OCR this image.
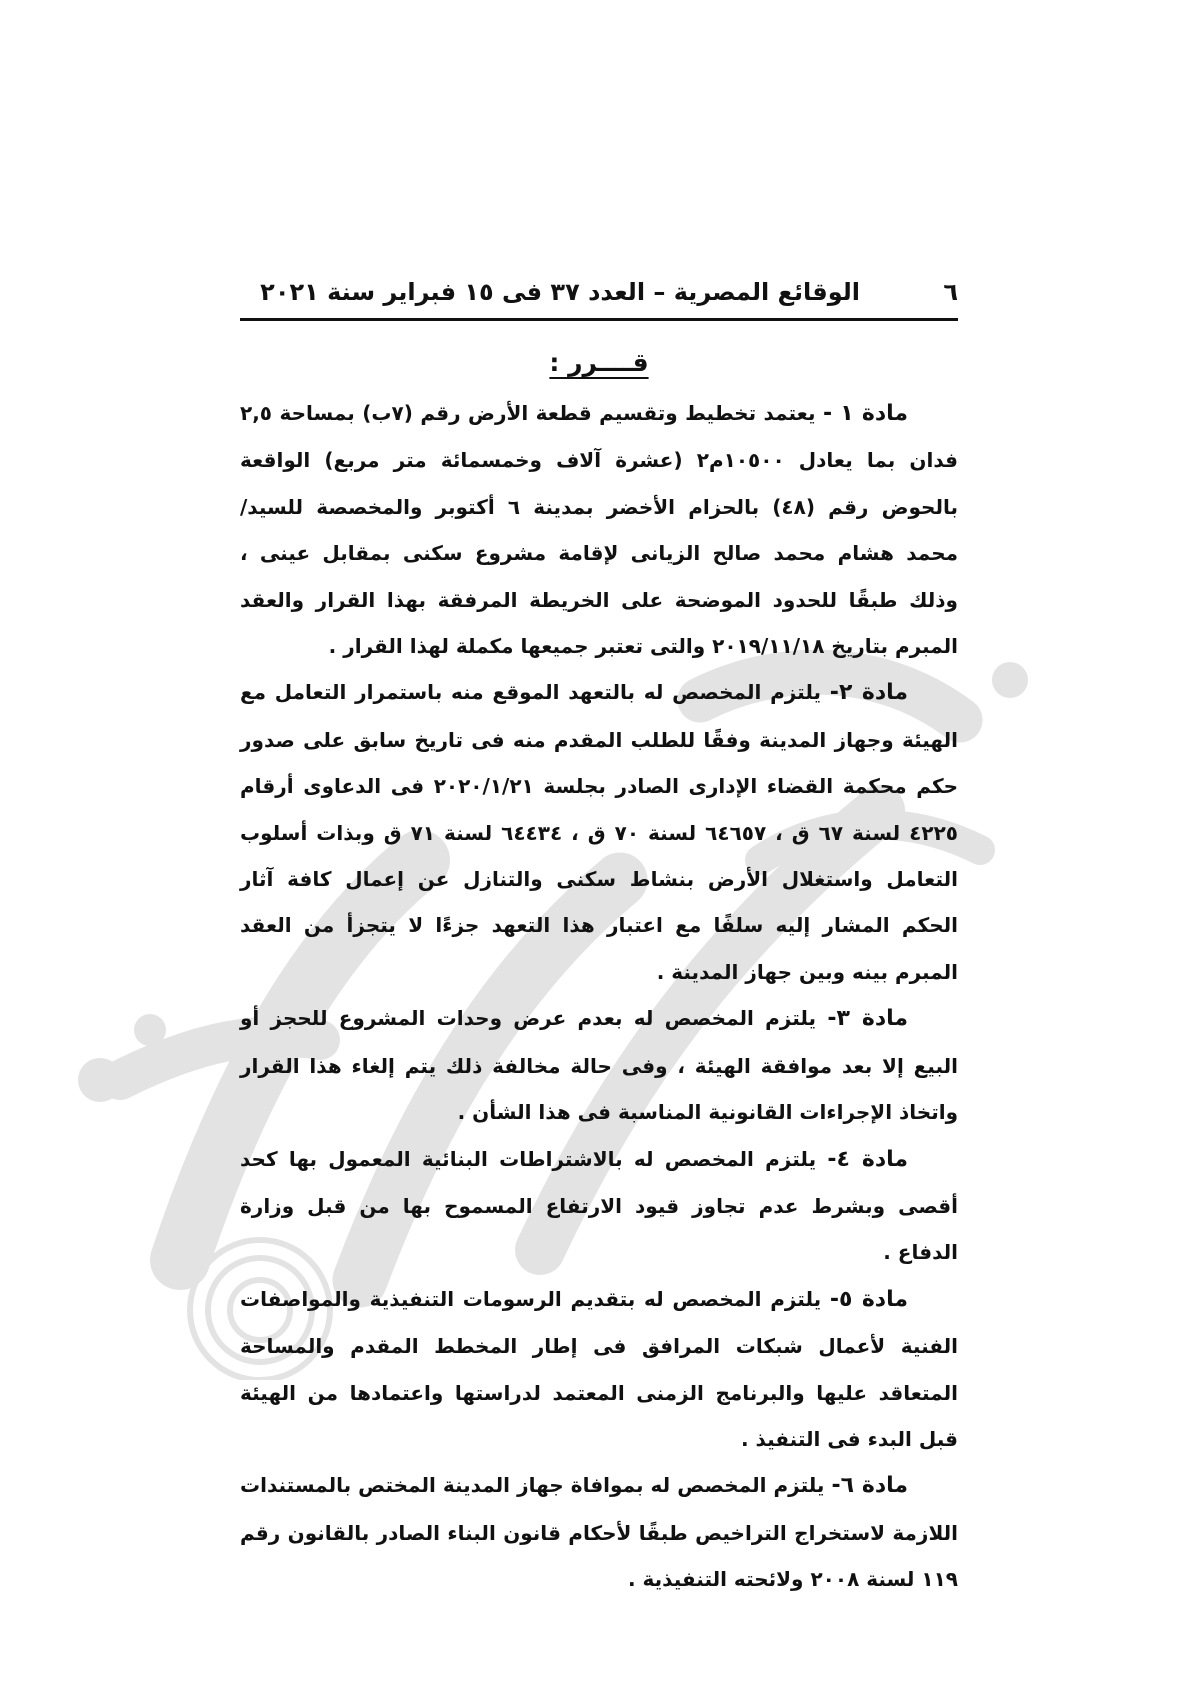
٦
الوقائع المصرية – العدد ٣٧ فى ١٥ فبراير سنة ٢٠٢١
قــــرر :

مادة ١ - يعتمد تخطيط وتقسيم قطعة الأرض رقم (٧ب) بمساحة ٢,٥ فدان بما يعادل ١٠٥٠٠م٢ (عشرة آلاف وخمسمائة متر مربع) الواقعة بالحوض رقم (٤٨) بالحزام الأخضر بمدينة ٦ أكتوبر والمخصصة للسيد/ محمد هشام محمد صالح الزيانى لإقامة مشروع سكنى بمقابل عينى ، وذلك طبقًا للحدود الموضحة على الخريطة المرفقة بهذا القرار والعقد المبرم بتاريخ ٢٠١٩/١١/١٨ والتى تعتبر جميعها مكملة لهذا القرار .

مادة ٢- يلتزم المخصص له بالتعهد الموقع منه باستمرار التعامل مع الهيئة وجهاز المدينة وفقًا للطلب المقدم منه فى تاريخ سابق على صدور حكم محكمة القضاء الإدارى الصادر بجلسة ٢٠٢٠/١/٢١ فى الدعاوى أرقام ٤٢٢٥ لسنة ٦٧ ق ، ٦٤٦٥٧ لسنة ٧٠ ق ، ٦٤٤٣٤ لسنة ٧١ ق وبذات أسلوب التعامل واستغلال الأرض بنشاط سكنى والتنازل عن إعمال كافة آثار الحكم المشار إليه سلفًا مع اعتبار هذا التعهد جزءًا لا يتجزأ من العقد المبرم بينه وبين جهاز المدينة .

مادة ٣- يلتزم المخصص له بعدم عرض وحدات المشروع للحجز أو البيع إلا بعد موافقة الهيئة ، وفى حالة مخالفة ذلك يتم إلغاء هذا القرار واتخاذ الإجراءات القانونية المناسبة فى هذا الشأن .

مادة ٤- يلتزم المخصص له بالاشتراطات البنائية المعمول بها كحد أقصى وبشرط عدم تجاوز قيود الارتفاع المسموح بها من قبل وزارة الدفاع .

مادة ٥- يلتزم المخصص له بتقديم الرسومات التنفيذية والمواصفات الفنية لأعمال شبكات المرافق فى إطار المخطط المقدم والمساحة المتعاقد عليها والبرنامج الزمنى المعتمد لدراستها واعتمادها من الهيئة قبل البدء فى التنفيذ .

مادة ٦- يلتزم المخصص له بموافاة جهاز المدينة المختص بالمستندات اللازمة لاستخراج التراخيص طبقًا لأحكام قانون البناء الصادر بالقانون رقم ١١٩ لسنة ٢٠٠٨ ولائحته التنفيذية .
